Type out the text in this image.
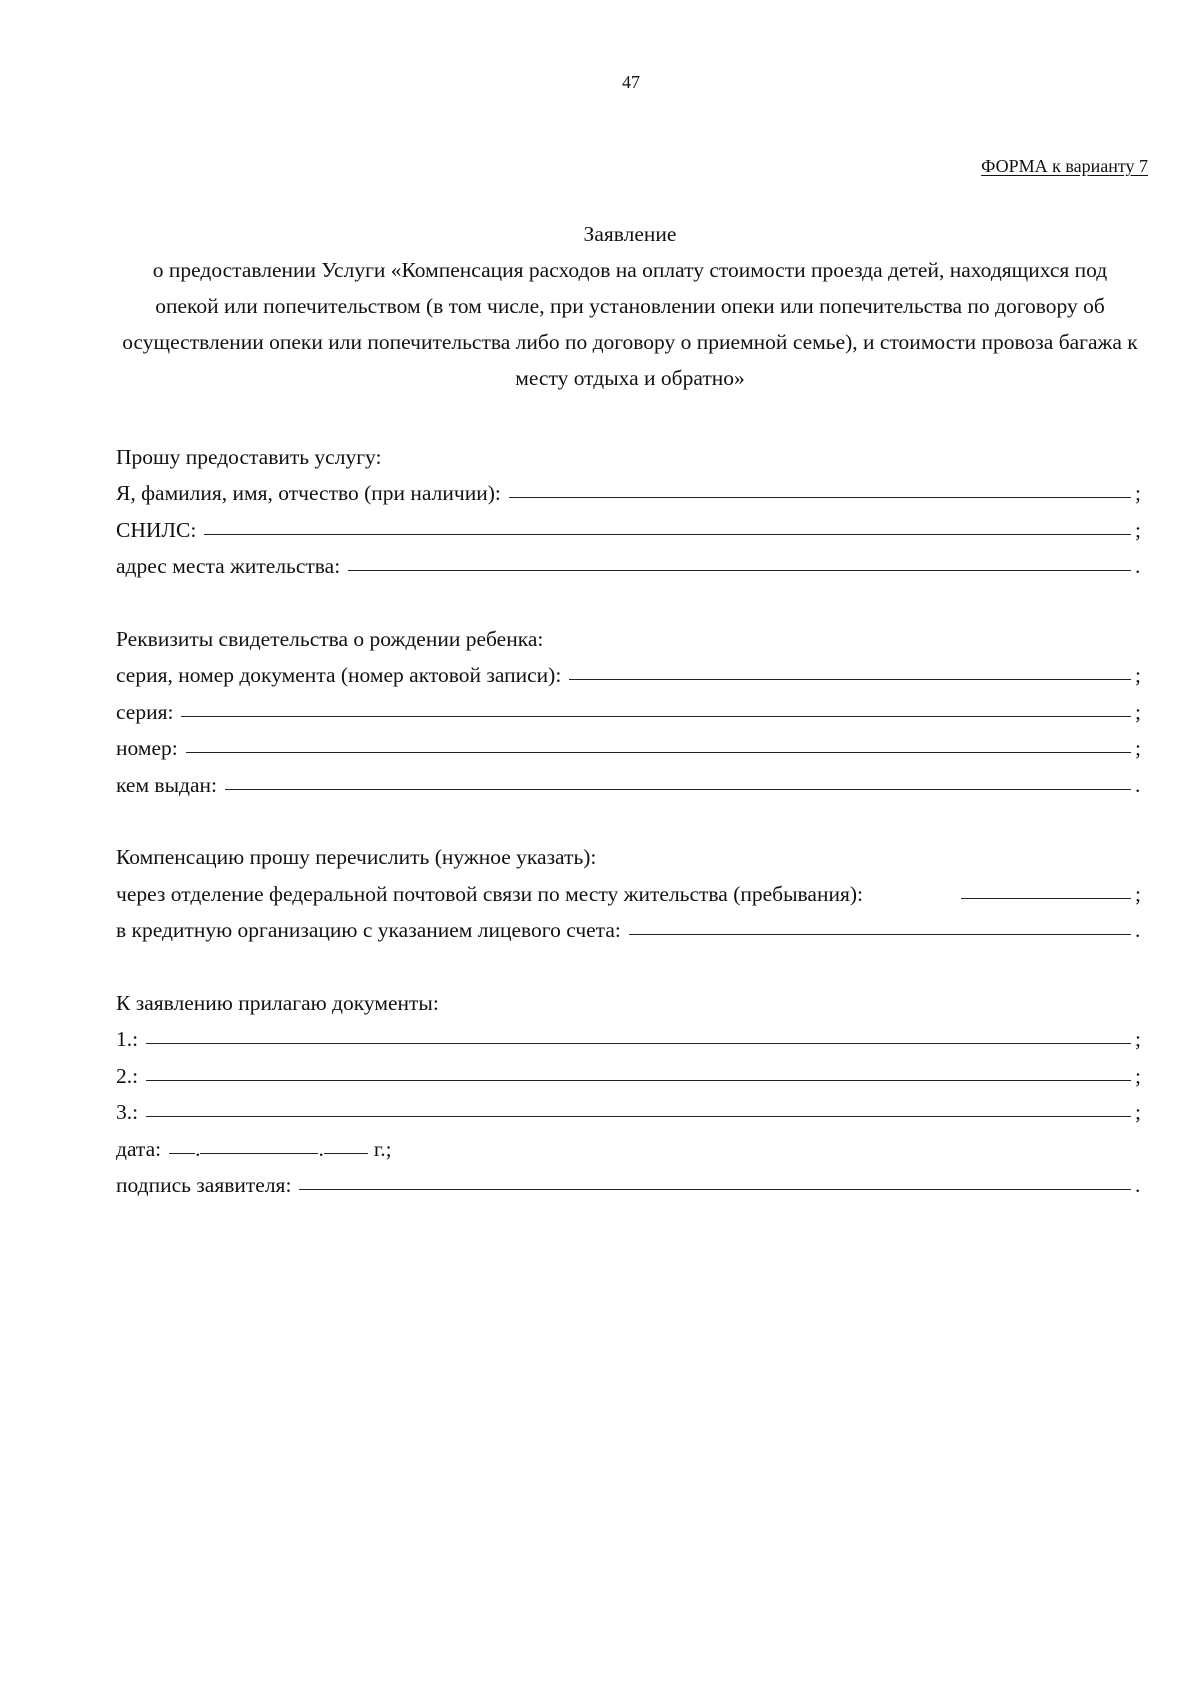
47
ФОРМА к варианту 7
Заявление
о предоставлении Услуги «Компенсация расходов на оплату стоимости проезда детей, находящихся под опекой или попечительством (в том числе, при установлении опеки или попечительства по договору об осуществлении опеки или попечительства либо по договору о приемной семье), и стоимости провоза багажа к месту отдыха и обратно»
Прошу предоставить услугу:
Я, фамилия, имя, отчество (при наличии):	;
СНИЛС:	;
адрес места жительства:	.
Реквизиты свидетельства о рождении ребенка:
серия, номер документа (номер актовой записи):	;
серия:	;
номер:	;
кем выдан:	.
Компенсацию прошу перечислить (нужное указать):
через отделение федеральной почтовой связи по месту жительства (пребывания):	;
в кредитную организацию с указанием лицевого счета:	.
К заявлению прилагаю документы:
1.:	;
2.:	;
3.:	;
дата: .	. г.;
подпись заявителя:	.
